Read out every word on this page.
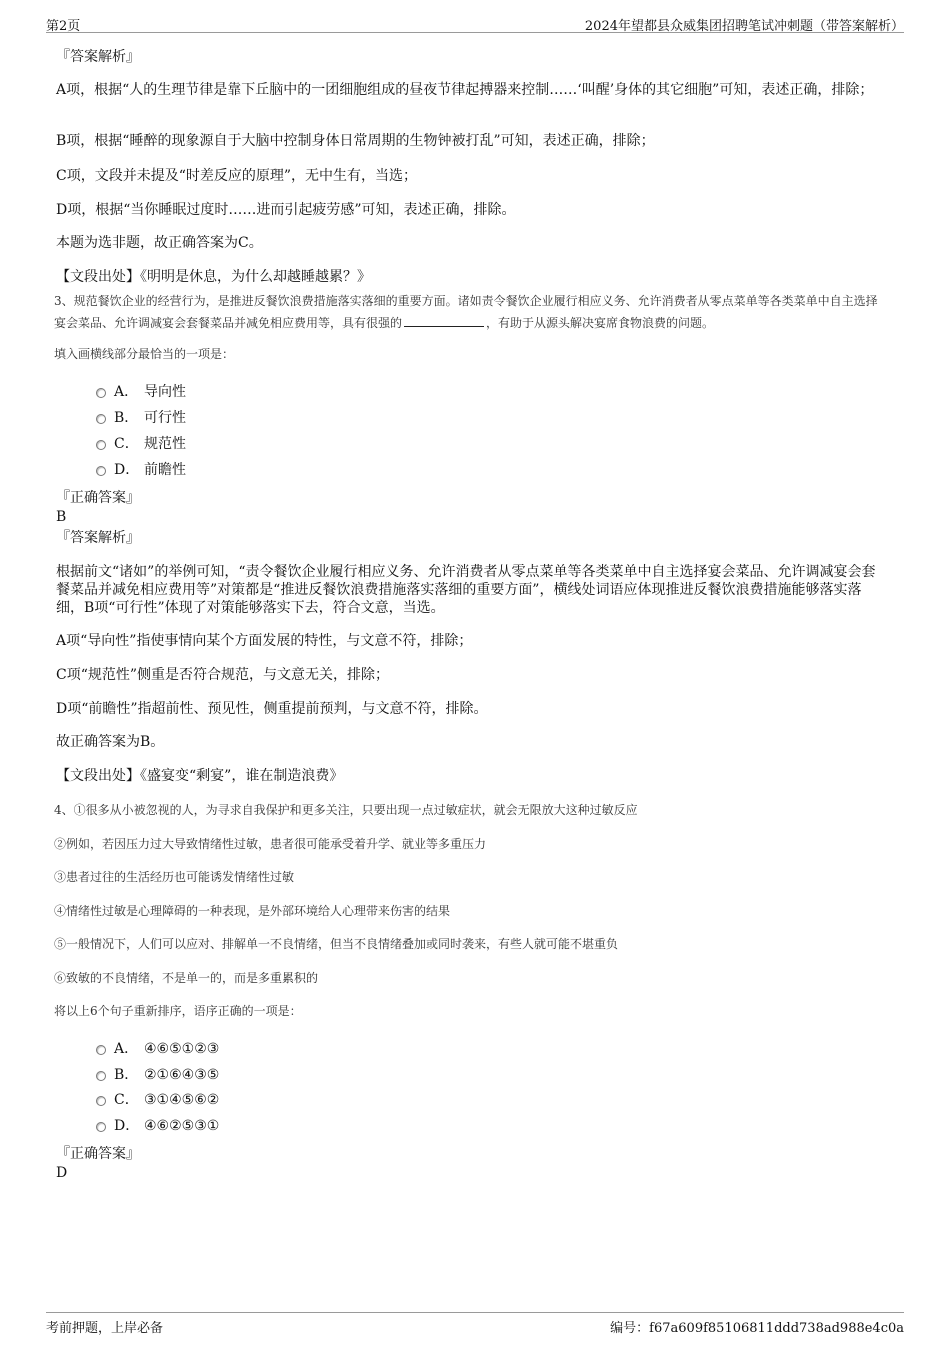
第2页	2024年望都县众威集团招聘笔试冲刺题（带答案解析）

『答案解析』

A项，根据“人的生理节律是靠下丘脑中的一团细胞组成的昼夜节律起搏器来控制……‘叫醒’身体的其它细胞”可知，表述正确，排除；

B项，根据“睡醉的现象源自于大脑中控制身体日常周期的生物钟被打乱”可知，表述正确，排除；

C项，文段并未提及“时差反应的原理”，无中生有，当选；

D项，根据“当你睡眠过度时……进而引起疲劳感”可知，表述正确，排除。

本题为选非题，故正确答案为C。

【文段出处】《明明是休息，为什么却越睡越累？》

3、规范餐饮企业的经营行为，是推进反餐饮浪费措施落实落细的重要方面。诸如责令餐饮企业履行相应义务、允许消费者从零点菜单等各类菜单中自主选择宴会菜品、允许调减宴会套餐菜品并减免相应费用等，具有很强的	，有助于从源头解决宴席食物浪费的问题。

填入画横线部分最恰当的一项是：

A． 导向性
B． 可行性
C． 规范性
D． 前瞻性

『正确答案』

B

『答案解析』

根据前文“诸如”的举例可知，“责令餐饮企业履行相应义务、允许消费者从零点菜单等各类菜单中自主选择宴会菜品、允许调减宴会套餐菜品并减免相应费用等”对策都是“推进反餐饮浪费措施落实落细的重要方面”，横线处词语应体现推进反餐饮浪费措施能够落实落细，B项“可行性”体现了对策能够落实下去，符合文意，当选。

A项“导向性”指使事情向某个方面发展的特性，与文意不符，排除；

C项“规范性”侧重是否符合规范，与文意无关，排除；

D项“前瞻性”指超前性、预见性，侧重提前预判，与文意不符，排除。

故正确答案为B。

【文段出处】《盛宴变“剩宴”，谁在制造浪费》

4、①很多从小被忽视的人，为寻求自我保护和更多关注，只要出现一点过敏症状，就会无限放大这种过敏反应

②例如，若因压力过大导致情绪性过敏，患者很可能承受着升学、就业等多重压力

③患者过往的生活经历也可能诱发情绪性过敏

④情绪性过敏是心理障碍的一种表现，是外部环境给人心理带来伤害的结果

⑤一般情况下，人们可以应对、排解单一不良情绪，但当不良情绪叠加或同时袭来，有些人就可能不堪重负

⑥致敏的不良情绪，不是单一的，而是多重累积的

将以上6个句子重新排序，语序正确的一项是：

A． ④⑥⑤①②③
B． ②①⑥④③⑤
C． ③①④⑤⑥②
D． ④⑥②⑤③①

『正确答案』

D

考前押题，上岸必备	编号：f67a609f85106811ddd738ad988e4c0a
